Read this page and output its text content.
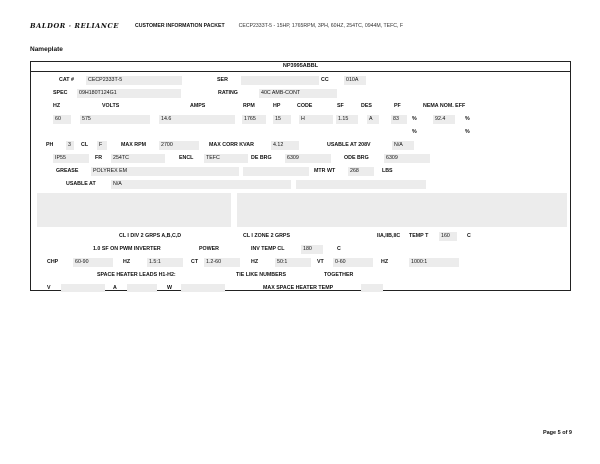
BALDOR · RELIANCE	CUSTOMER INFORMATION PACKET	CECP2333T-5 - 15HP, 1765RPM, 3PH, 60HZ, 254TC, 0944M, TEFC, F
Nameplate
NP3995ABBL
CAT #	CECP2333T-5	SER	CC	010A
SPEC	09H180T124G1	RATING	40C AMB-CONT
HZ	VOLTS	AMPS	RPM	HP	CODE	SF	DES	PF	NEMA NOM. EFF
60	575	14.6	1765	15	H	1.15	A	83	%	92.4	%
%	%
PH	3	CL	F	MAX RPM	2700	MAX CORR KVAR	4.12	USABLE AT 208V	N/A
IP55	FR	254TC	ENCL	TEFC	DE BRG	6309	ODE BRG	6309
GREASE	POLYREX EM	MTR WT	268	LBS
USABLE AT	N/A
CL I DIV 2 GRPS A,B,C,D	CL I ZONE 2 GRPS	IIA,IIB,IIC TEMP T	160	C
1.0 SF ON PWM INVERTER	POWER	INV TEMP CL	180	C
CHP	60-90	HZ	1.5:1	CT	1.2-60	HZ	50:1	VT	0-60	HZ	1000:1
SPACE HEATER LEADS H1-H2:	TIE LIKE NUMBERS	TOGETHER
V	A	W	MAX SPACE HEATER TEMP
Page 5 of 9
